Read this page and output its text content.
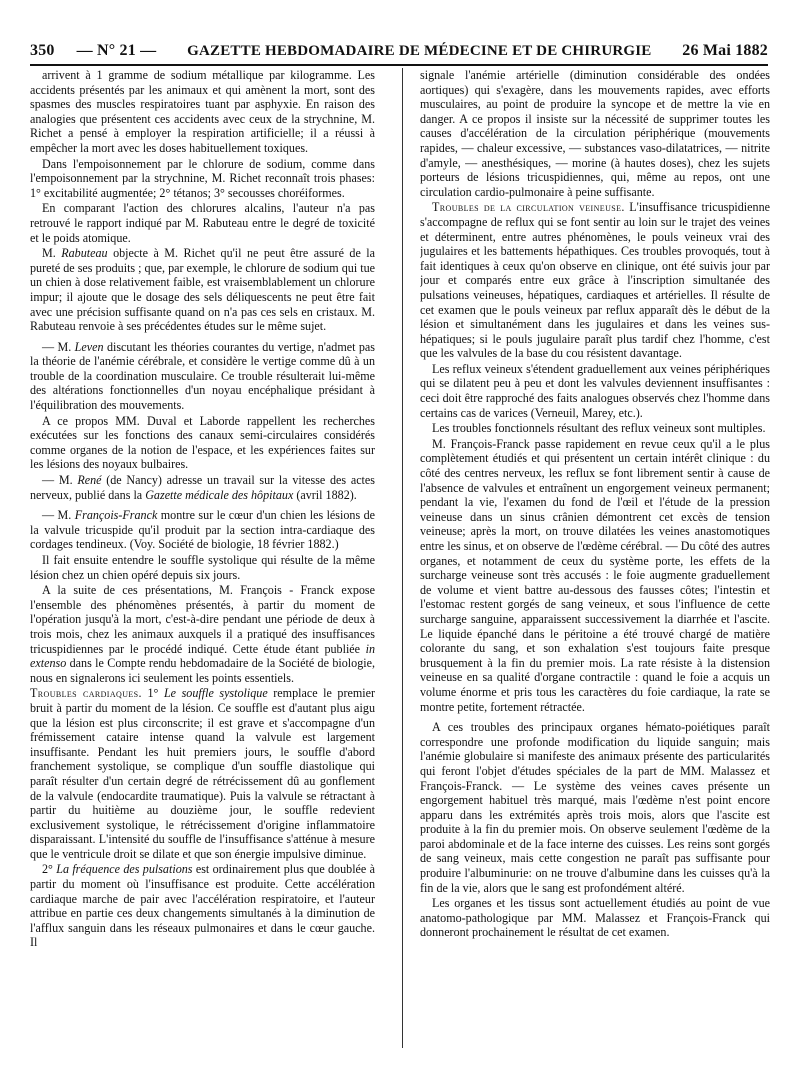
350 — N° 21 —	GAZETTE HEBDOMADAIRE DE MÉDECINE ET DE CHIRURGIE	26 Mai 1882

arrivent à 1 gramme de sodium métallique par kilogramme. Les accidents présentés par les animaux et qui amènent la mort, sont des spasmes des muscles respiratoires tuant par asphyxie. En raison des analogies que présentent ces accidents avec ceux de la strychnine, M. Richet a pensé à employer la respiration artificielle; il a réussi à empêcher la mort avec les doses habituellement toxiques.

Dans l'empoisonnement par le chlorure de sodium, comme dans l'empoisonnement par la strychnine, M. Richet reconnaît trois phases: 1° excitabilité augmentée; 2° tétanos; 3° secousses choréiformes.

En comparant l'action des chlorures alcalins, l'auteur n'a pas retrouvé le rapport indiqué par M. Rabuteau entre le degré de toxicité et le poids atomique.

M. Rabuteau objecte à M. Richet qu'il ne peut être assuré de la pureté de ses produits ; que, par exemple, le chlorure de sodium qui tue un chien à dose relativement faible, est vraisemblablement un chlorure impur; il ajoute que le dosage des sels déliquescents ne peut être fait avec une précision suffisante quand on n'a pas ces sels en cristaux. M. Rabuteau renvoie à ses précédentes études sur le même sujet.

— M. Leven discutant les théories courantes du vertige, n'admet pas la théorie de l'anémie cérébrale, et considère le vertige comme dû à un trouble de la coordination musculaire. Ce trouble résulterait lui-même des altérations fonctionnelles d'un noyau encéphalique présidant à l'équilibration des mouvements.

A ce propos MM. Duval et Laborde rappellent les recherches exécutées sur les fonctions des canaux semi-circulaires considérés comme organes de la notion de l'espace, et les expériences faites sur les lésions des noyaux bulbaires.

— M. René (de Nancy) adresse un travail sur la vitesse des actes nerveux, publié dans la Gazette médicale des hôpitaux (avril 1882).

— M. François-Franck montre sur le cœur d'un chien les lésions de la valvule tricuspide qu'il produit par la section intra-cardiaque des cordages tendineux. (Voy. Société de biologie, 18 février 1882.)

Il fait ensuite entendre le souffle systolique qui résulte de la même lésion chez un chien opéré depuis six jours.

A la suite de ces présentations, M. François - Franck expose l'ensemble des phénomènes présentés, à partir du moment de l'opération jusqu'à la mort, c'est-à-dire pendant une période de deux à trois mois, chez les animaux auxquels il a pratiqué des insuffisances tricuspidiennes par le procédé indiqué. Cette étude étant publiée in extenso dans le Compte rendu hebdomadaire de la Société de biologie, nous en signalerons ici seulement les points essentiels.

Troubles cardiaques. 1° Le souffle systolique remplace le premier bruit à partir du moment de la lésion. Ce souffle est d'autant plus aigu que la lésion est plus circonscrite; il est grave et s'accompagne d'un frémissement cataire intense quand la valvule est largement insuffisante. Pendant les huit premiers jours, le souffle d'abord franchement systolique, se complique d'un souffle diastolique qui paraît résulter d'un certain degré de rétrécissement dû au gonflement de la valvule (endocardite traumatique). Puis la valvule se rétractant à partir du huitième au douzième jour, le souffle redevient exclusivement systolique, le rétrécissement d'origine inflammatoire disparaissant. L'intensité du souffle de l'insuffisance s'atténue à mesure que le ventricule droit se dilate et que son énergie impulsive diminue.

2° La fréquence des pulsations est ordinairement plus que doublée à partir du moment où l'insuffisance est produite. Cette accélération cardiaque marche de pair avec l'accélération respiratoire, et l'auteur attribue en partie ces deux changements simultanés à la diminution de l'afflux sanguin dans les réseaux pulmonaires et dans le cœur gauche. Il

signale l'anémie artérielle (diminution considérable des ondées aortiques) qui s'exagère, dans les mouvements rapides, avec efforts musculaires, au point de produire la syncope et de mettre la vie en danger. A ce propos il insiste sur la nécessité de supprimer toutes les causes d'accélération de la circulation périphérique (mouvements rapides, — chaleur excessive, — substances vaso-dilatatrices, — nitrite d'amyle, — anesthésiques, — morine (à hautes doses), chez les sujets porteurs de lésions tricuspidiennes, qui, même au repos, ont une circulation cardio-pulmonaire à peine suffisante.

Troubles de la circulation veineuse. L'insuffisance tricuspidienne s'accompagne de reflux qui se font sentir au loin sur le trajet des veines et déterminent, entre autres phénomènes, le pouls veineux vrai des jugulaires et les battements hépathiques. Ces troubles provoqués, tout à fait identiques à ceux qu'on observe en clinique, ont été suivis jour par jour et comparés entre eux grâce à l'inscription simultanée des pulsations veineuses, hépatiques, cardiaques et artérielles. Il résulte de cet examen que le pouls veineux par reflux apparaît dès le début de la lésion et simultanément dans les jugulaires et dans les veines sus-hépatiques; si le pouls jugulaire paraît plus tardif chez l'homme, c'est que les valvules de la base du cou résistent davantage.

Les reflux veineux s'étendent graduellement aux veines périphériques qui se dilatent peu à peu et dont les valvules deviennent insuffisantes : ceci doit être rapproché des faits analogues observés chez l'homme dans certains cas de varices (Verneuil, Marey, etc.).

Les troubles fonctionnels résultant des reflux veineux sont multiples.

M. François-Franck passe rapidement en revue ceux qu'il a le plus complètement étudiés et qui présentent un certain intérêt clinique : du côté des centres nerveux, les reflux se font librement sentir à cause de l'absence de valvules et entraînent un engorgement veineux permanent; pendant la vie, l'examen du fond de l'œil et l'étude de la pression veineuse dans un sinus crânien démontrent cet excès de tension veineuse; après la mort, on trouve dilatées les veines anastomotiques entre les sinus, et on observe de l'œdème cérébral. — Du côté des autres organes, et notamment de ceux du système porte, les effets de la surcharge veineuse sont très accusés : le foie augmente graduellement de volume et vient battre au-dessous des fausses côtes; l'intestin et l'estomac restent gorgés de sang veineux, et sous l'influence de cette surcharge sanguine, apparaissent successivement la diarrhée et l'ascite. Le liquide épanché dans le péritoine a été trouvé chargé de matière colorante du sang, et son exhalation s'est toujours faite presque brusquement à la fin du premier mois. La rate résiste à la distension veineuse en sa qualité d'organe contractile : quand le foie a acquis un volume énorme et pris tous les caractères du foie cardiaque, la rate se montre petite, fortement rétractée.

A ces troubles des principaux organes hémato-poiétiques paraît correspondre une profonde modification du liquide sanguin; mais l'anémie globulaire si manifeste des animaux présente des particularités qui feront l'objet d'études spéciales de la part de MM. Malassez et François-Franck. — Le système des veines caves présente un engorgement habituel très marqué, mais l'œdème n'est point encore apparu dans les extrémités après trois mois, alors que l'ascite est produite à la fin du premier mois. On observe seulement l'œdème de la paroi abdominale et de la face interne des cuisses. Les reins sont gorgés de sang veineux, mais cette congestion ne paraît pas suffisante pour produire l'albuminurie: on ne trouve d'albumine dans les cuisses qu'à la fin de la vie, alors que le sang est profondément altéré.

Les organes et les tissus sont actuellement étudiés au point de vue anatomo-pathologique par MM. Malassez et François-Franck qui donneront prochainement le résultat de cet examen.
